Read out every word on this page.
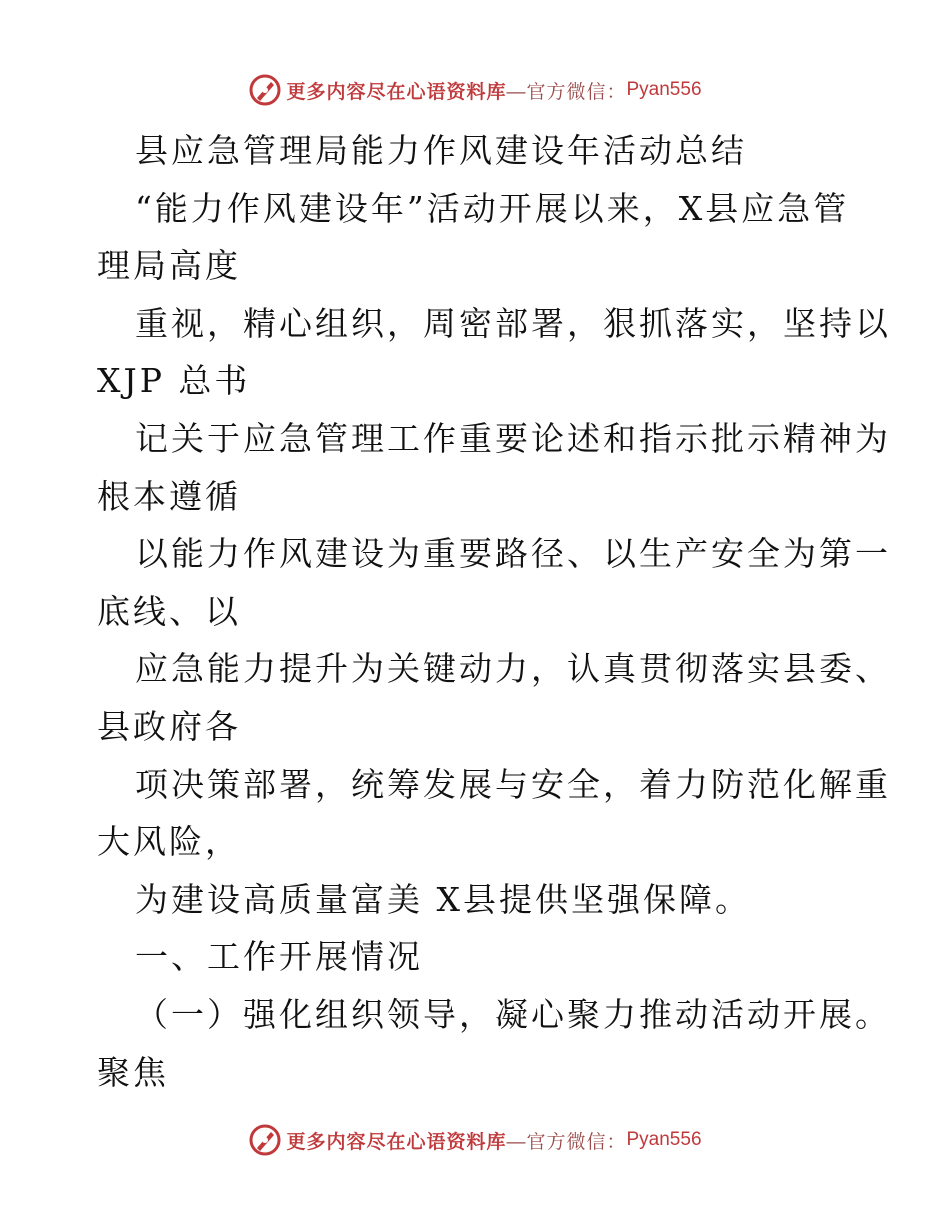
更多内容尽在心语资料库 —官方微信： Pyan556
县应急管理局能力作风建设年活动总结
“能力作风建设年”活动开展以来，X县应急管
理局高度
重视，精心组织，周密部署，狠抓落实，坚持以
XJP 总书
记关于应急管理工作重要论述和指示批示精神为
根本遵循
以能力作风建设为重要路径、以生产安全为第一
底线、以
应急能力提升为关键动力，认真贯彻落实县委、
县政府各
项决策部署，统筹发展与安全，着力防范化解重
大风险，
为建设高质量富美 X县提供坚强保障。
一、工作开展情况
（一）强化组织领导，凝心聚力推动活动开展。
聚焦
更多内容尽在心语资料库 —官方微信： Pyan556
